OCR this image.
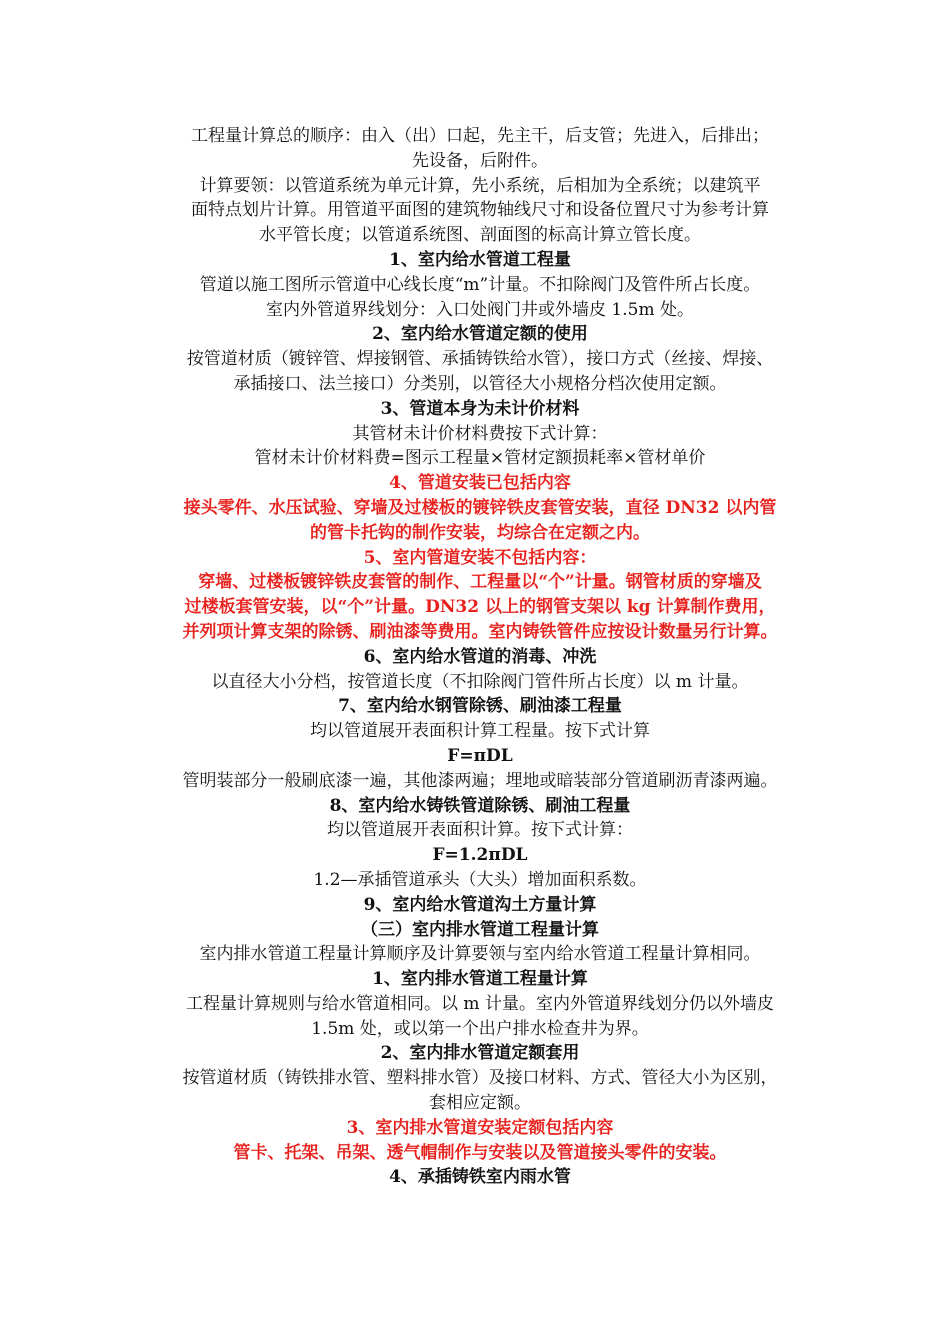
工程量计算总的顺序：由入（出）口起，先主干，后支管；先进入，后排出；
先设备，后附件。
计算要领：以管道系统为单元计算，先小系统，后相加为全系统；以建筑平
面特点划片计算。用管道平面图的建筑物轴线尺寸和设备位置尺寸为参考计算
水平管长度；以管道系统图、剖面图的标高计算立管长度。
1、室内给水管道工程量
管道以施工图所示管道中心线长度“m”计量。不扣除阀门及管件所占长度。
室内外管道界线划分：入口处阀门井或外墙皮 1.5m 处。
2、室内给水管道定额的使用
按管道材质（镀锌管、焊接钢管、承插铸铁给水管），接口方式（丝接、焊接、
承插接口、法兰接口）分类别，以管径大小规格分档次使用定额。
3、管道本身为未计价材料
其管材未计价材料费按下式计算：
管材未计价材料费=图示工程量×管材定额损耗率×管材单价
4、管道安装已包括内容
接头零件、水压试验、穿墙及过楼板的镀锌铁皮套管安装，直径 DN32 以内管
的管卡托钩的制作安装，均综合在定额之内。
5、室内管道安装不包括内容：
穿墙、过楼板镀锌铁皮套管的制作、工程量以“个”计量。钢管材质的穿墙及
过楼板套管安装，以“个”计量。DN32 以上的钢管支架以 kg 计算制作费用，
并列项计算支架的除锈、刷油漆等费用。室内铸铁管件应按设计数量另行计算。
6、室内给水管道的消毒、冲洗
以直径大小分档，按管道长度（不扣除阀门管件所占长度）以 m 计量。
7、室内给水钢管除锈、刷油漆工程量
均以管道展开表面积计算工程量。按下式计算
F=πDL
管明装部分一般刷底漆一遍，其他漆两遍；埋地或暗装部分管道刷沥青漆两遍。
8、室内给水铸铁管道除锈、刷油工程量
均以管道展开表面积计算。按下式计算：
F=1.2πDL
1.2—承插管道承头（大头）增加面积系数。
9、室内给水管道沟土方量计算
（三）室内排水管道工程量计算
室内排水管道工程量计算顺序及计算要领与室内给水管道工程量计算相同。
1、室内排水管道工程量计算
工程量计算规则与给水管道相同。以 m 计量。室内外管道界线划分仍以外墙皮
1.5m 处，或以第一个出户排水检查井为界。
2、室内排水管道定额套用
按管道材质（铸铁排水管、塑料排水管）及接口材料、方式、管径大小为区别，
套相应定额。
3、室内排水管道安装定额包括内容
管卡、托架、吊架、透气帽制作与安装以及管道接头零件的安装。
4、承插铸铁室内雨水管
